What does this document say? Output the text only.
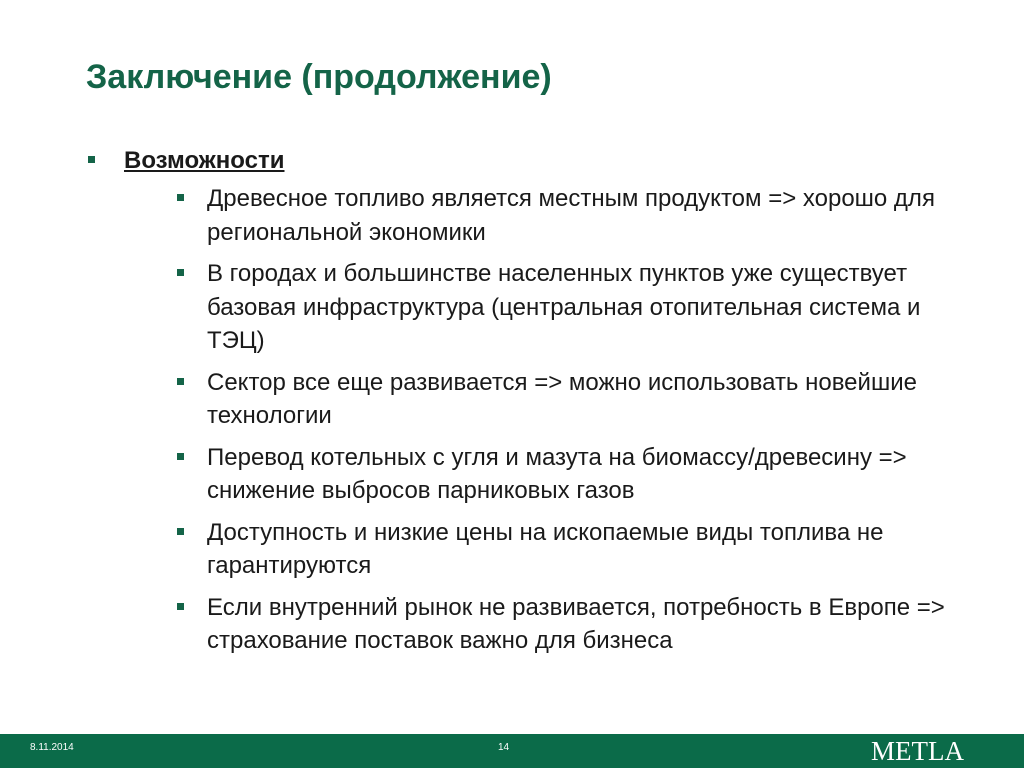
Заключение (продолжение)
Возможности
Древесное топливо является местным продуктом => хорошо для региональной экономики
В городах и большинстве населенных пунктов уже существует базовая инфраструктура (центральная отопительная система и ТЭЦ)
Сектор все еще развивается => можно использовать новейшие технологии
Перевод котельных с угля и мазута на биомассу/древесину => снижение выбросов парниковых газов
Доступность и низкие цены на ископаемые виды топлива не гарантируются
Если внутренний рынок не развивается, потребность в Европе => страхование поставок важно для бизнеса
8.11.2014	14	METLA
